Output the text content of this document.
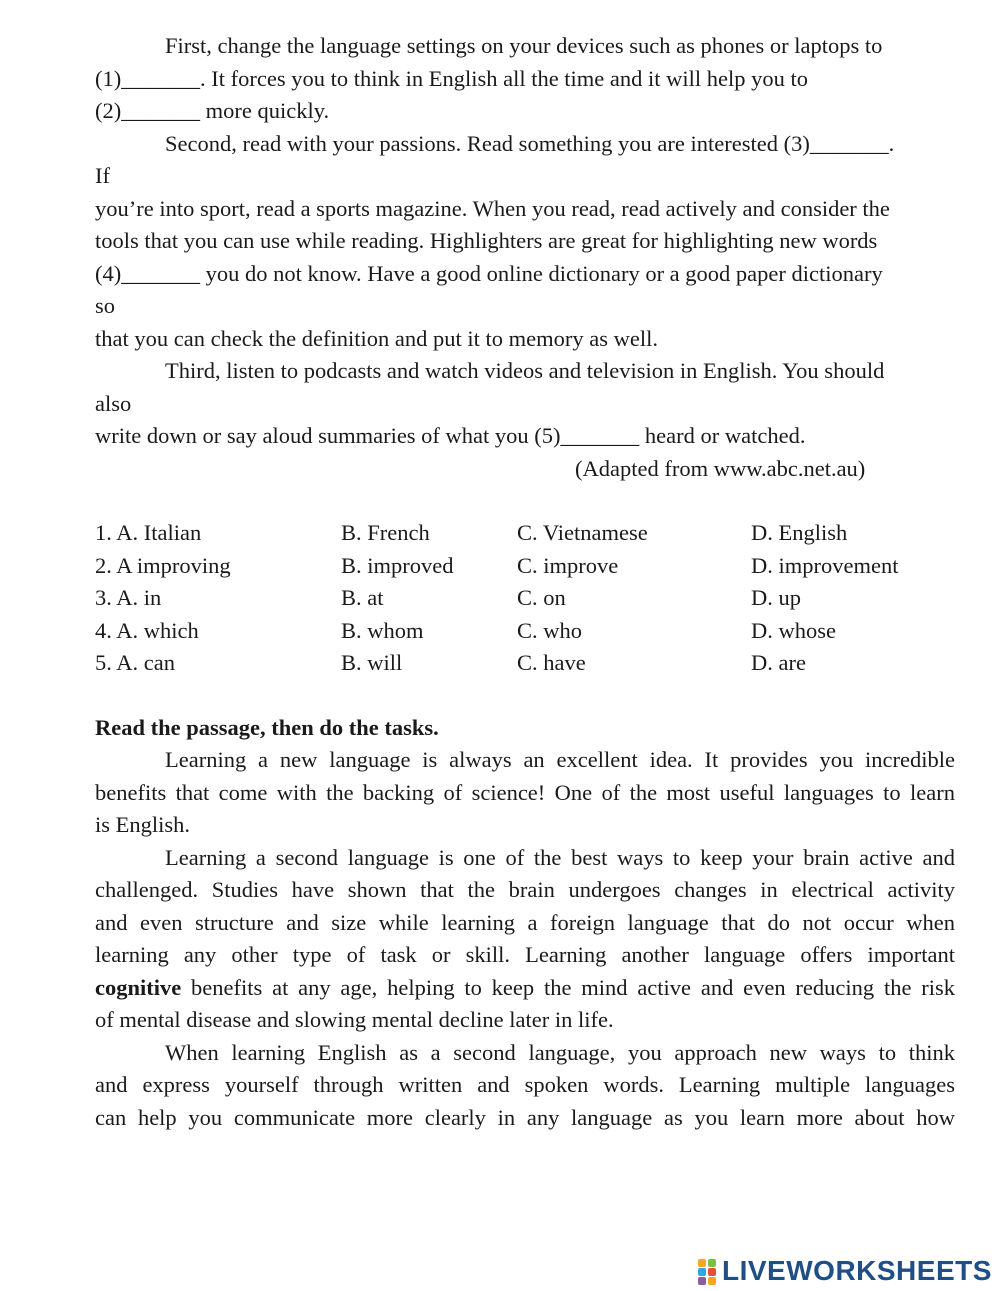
First, change the language settings on your devices such as phones or laptops to
(1)_______. It forces you to think in English all the time and it will help you to
(2)_______ more quickly.
Second, read with your passions. Read something you are interested (3)_______.
If
you’re into sport, read a sports magazine. When you read, read actively and consider the
tools that you can use while reading. Highlighters are great for highlighting new words
(4)_______ you do not know. Have a good online dictionary or a good paper dictionary
so
that you can check the definition and put it to memory as well.
Third, listen to podcasts and watch videos and television in English. You should
also
write down or say aloud summaries of what you (5)_______ heard or watched.
(Adapted from www.abc.net.au)
1. A. Italian	B. French	C. Vietnamese	D. English
2. A improving	B. improved	C. improve	D. improvement
3. A. in	B. at	C. on	D. up
4. A. which	B. whom	C. who	D. whose
5. A. can	B. will	C. have	D. are
Read the passage, then do the tasks.
Learning a new language is always an excellent idea. It provides you incredible
benefits that come with the backing of science! One of the most useful languages to learn
is English.
Learning a second language is one of the best ways to keep your brain active and
challenged. Studies have shown that the brain undergoes changes in electrical activity
and even structure and size while learning a foreign language that do not occur when
learning any other type of task or skill. Learning another language offers important
cognitive benefits at any age, helping to keep the mind active and even reducing the risk
of mental disease and slowing mental decline later in life.
When learning English as a second language, you approach new ways to think
and express yourself through written and spoken words. Learning multiple languages
can help you communicate more clearly in any language as you learn more about how
LIVEWORKSHEETS
